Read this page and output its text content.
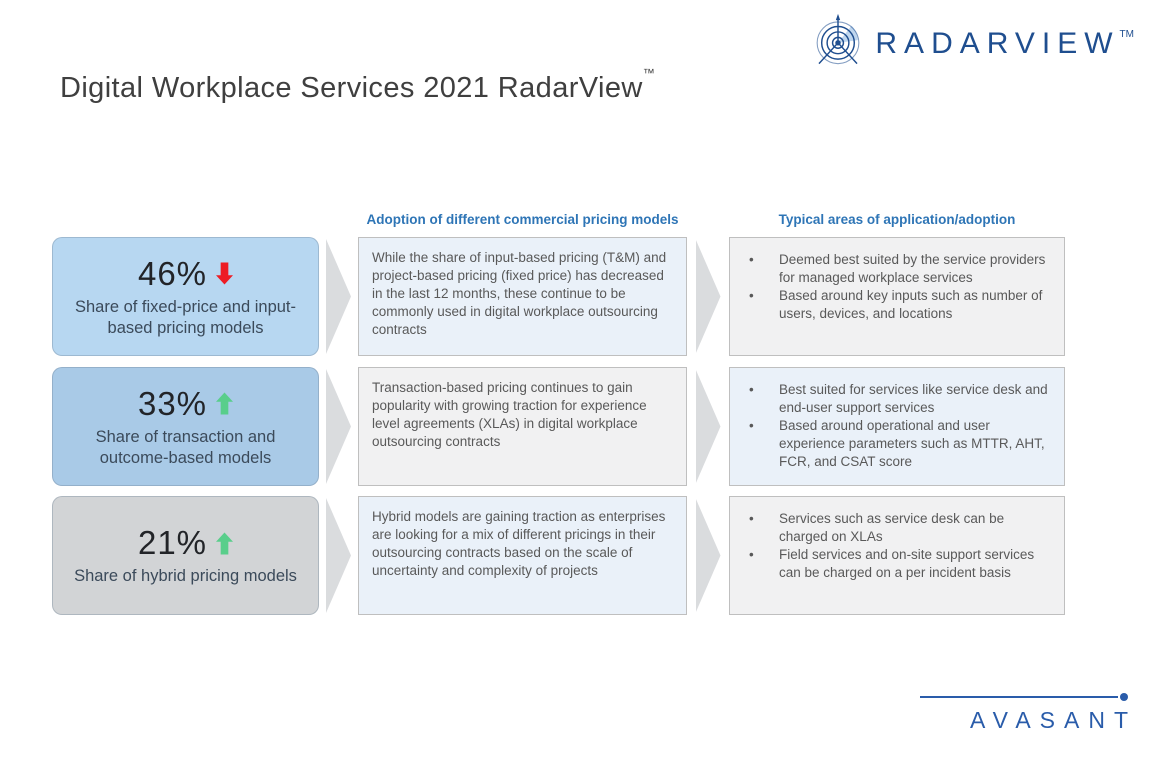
Digital Workplace Services 2021 RadarView™
RADARVIEW™
Adoption of different commercial pricing models	Typical areas of application/adoption
46%
Share of fixed-price and input-based pricing models
While the share of input-based pricing (T&M) and project-based pricing (fixed price) has decreased in the last 12 months, these continue to be commonly used in digital workplace outsourcing contracts
• Deemed best suited by the service providers for managed workplace services
• Based around key inputs such as number of users, devices, and locations
33%
Share of transaction and outcome-based models
Transaction-based pricing continues to gain popularity with growing traction for experience level agreements (XLAs) in digital workplace outsourcing contracts
• Best suited for services like service desk and end-user support services
• Based around operational and user experience parameters such as MTTR, AHT, FCR, and CSAT score
21%
Share of hybrid pricing models
Hybrid models are gaining traction as enterprises are looking for a mix of different pricings in their outsourcing contracts based on the scale of uncertainty and complexity of projects
• Services such as service desk can be charged on XLAs
• Field services and on-site support services can be charged on a per incident basis
AVASANT
